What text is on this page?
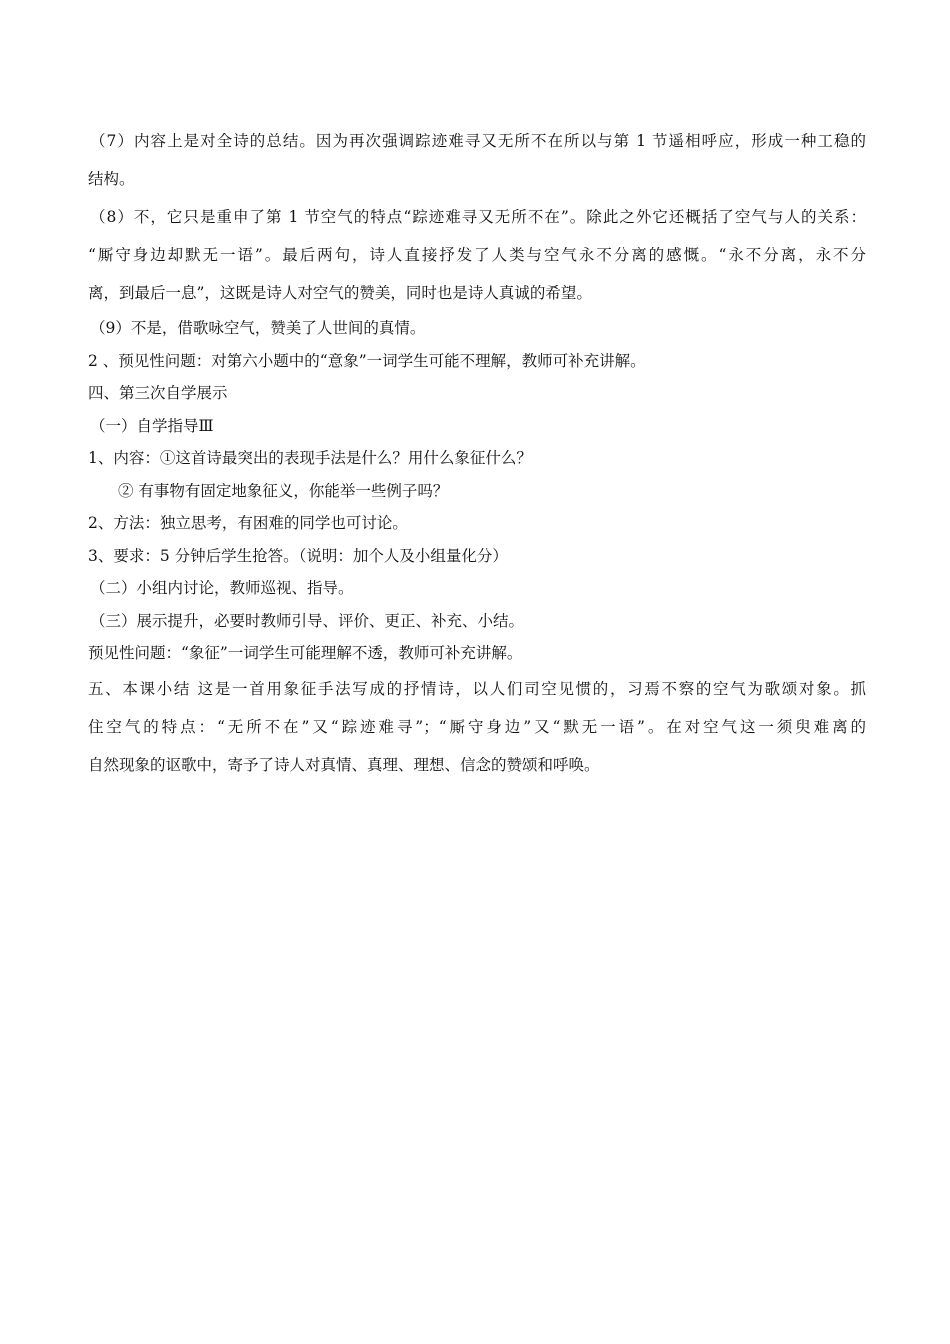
（7）内容上是对全诗的总结。因为再次强调踪迹难寻又无所不在所以与第 1 节遥相呼应，形成一种工稳的

结构。

（8）不，它只是重申了第 1 节空气的特点“踪迹难寻又无所不在”。除此之外它还概括了空气与人的关系：

“厮守身边却默无一语”。最后两句，诗人直接抒发了人类与空气永不分离的感慨。“永不分离，永不分

离，到最后一息”，这既是诗人对空气的赞美，同时也是诗人真诚的希望。

（9）不是，借歌咏空气，赞美了人世间的真情。

2 、预见性问题：对第六小题中的“意象”一词学生可能不理解，教师可补充讲解。

四、第三次自学展示

（一）自学指导Ⅲ

1、内容：①这首诗最突出的表现手法是什么？用什么象征什么？

② 有事物有固定地象征义，你能举一些例子吗？

2、方法：独立思考，有困难的同学也可讨论。

3、要求：5 分钟后学生抢答。（说明：加个人及小组量化分）

（二）小组内讨论，教师巡视、指导。

（三）展示提升，必要时教师引导、评价、更正、补充、小结。

预见性问题：“象征”一词学生可能理解不透，教师可补充讲解。

五、本课小结 这是一首用象征手法写成的抒情诗，以人们司空见惯的，习焉不察的空气为歌颂对象。抓

住空气的特点：“无所不在”又“踪迹难寻”；“厮守身边”又“默无一语”。在对空气这一须臾难离的

自然现象的讴歌中，寄予了诗人对真情、真理、理想、信念的赞颂和呼唤。
